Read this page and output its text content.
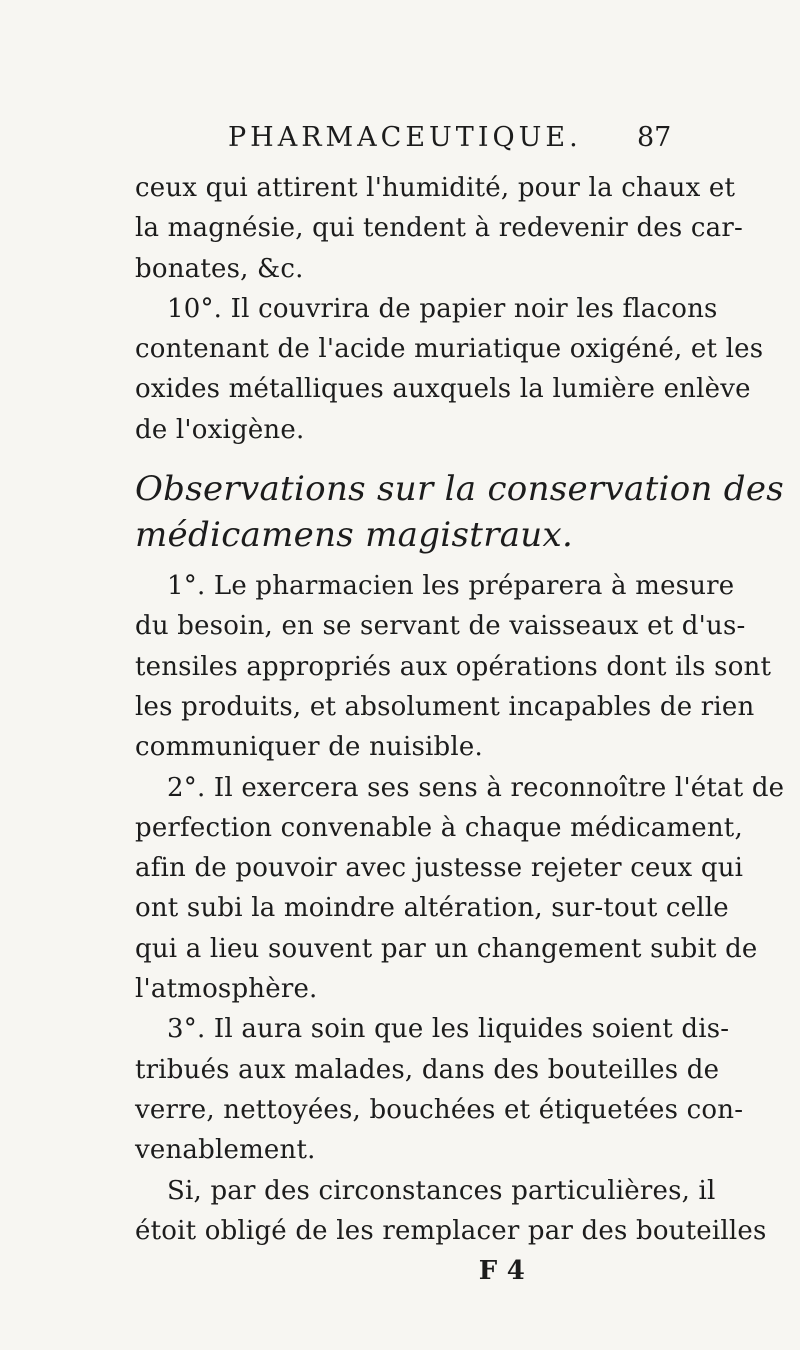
PHARMACEUTIQUE. 87
ceux qui attirent l'humidité, pour la chaux et
la magnésie, qui tendent à redevenir des car-
bonates, &c.
10°. Il couvrira de papier noir les flacons
contenant de l'acide muriatique oxigéné, et les
oxides métalliques auxquels la lumière enlève
de l'oxigène.
Observations sur la conservation des
médicamens magistraux.
1°. Le pharmacien les préparera à mesure
du besoin, en se servant de vaisseaux et d'us-
tensiles appropriés aux opérations dont ils sont
les produits, et absolument incapables de rien
communiquer de nuisible.
2°. Il exercera ses sens à reconnoître l'état de
perfection convenable à chaque médicament,
afin de pouvoir avec justesse rejeter ceux qui
ont subi la moindre altération, sur-tout celle
qui a lieu souvent par un changement subit de
l'atmosphère.
3°. Il aura soin que les liquides soient dis-
tribués aux malades, dans des bouteilles de
verre, nettoyées, bouchées et étiquetées con-
venablement.
Si, par des circonstances particulières, il
étoit obligé de les remplacer par des bouteilles
F 4
